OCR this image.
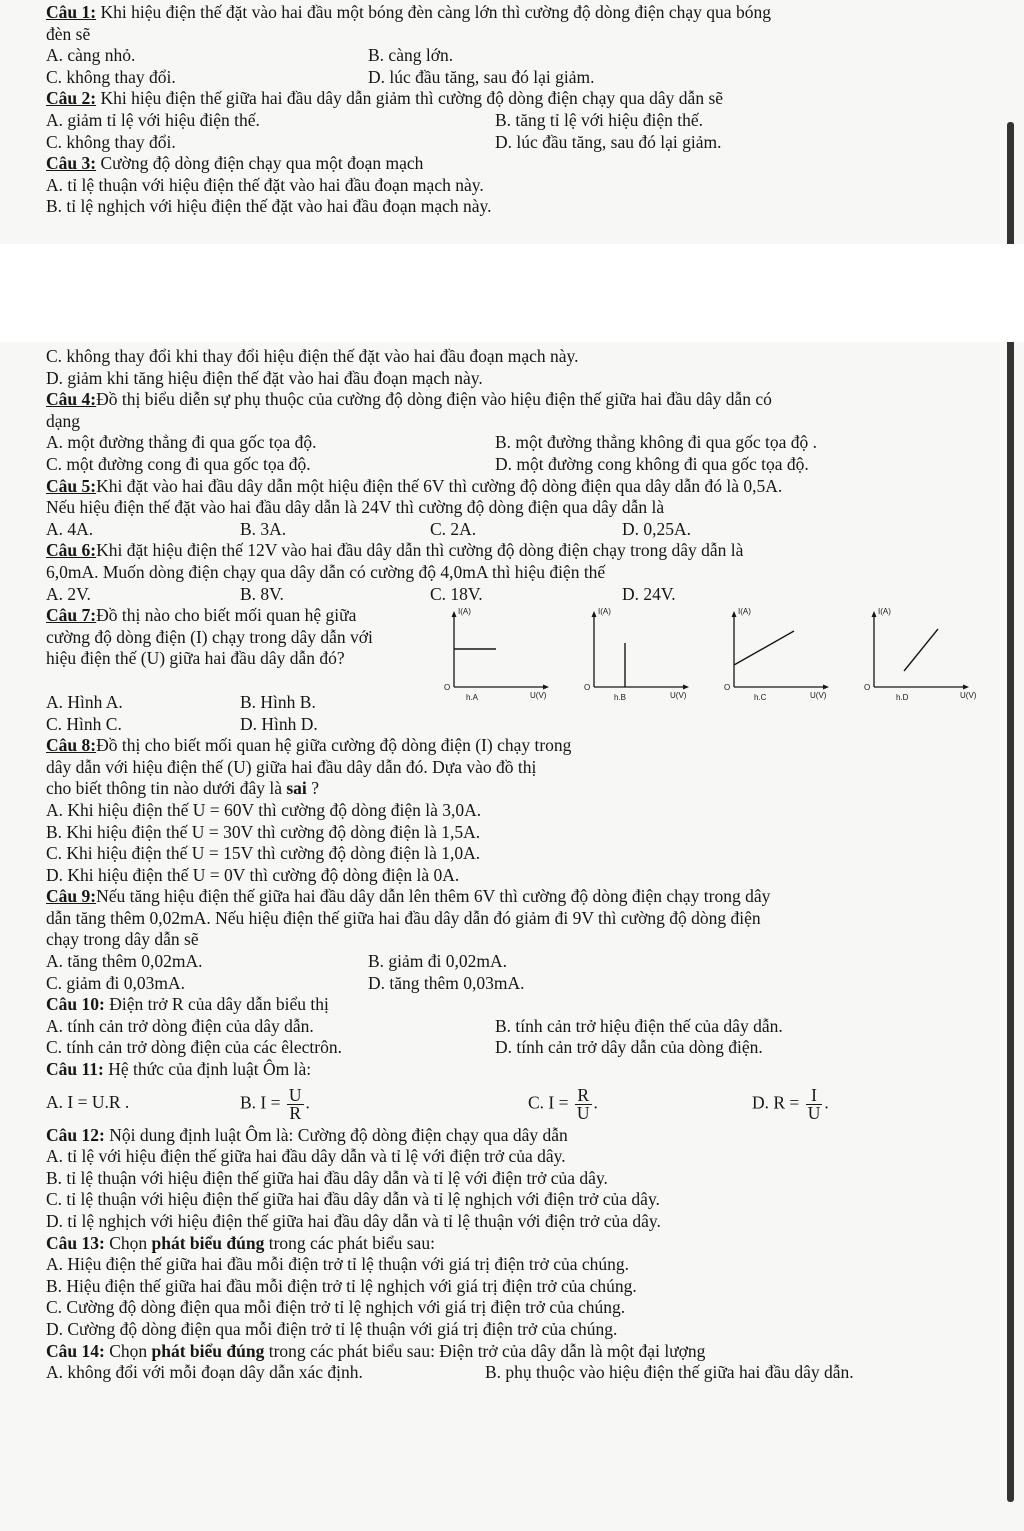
Câu 1: Khi hiệu điện thế đặt vào hai đầu một bóng đèn càng lớn thì cường độ dòng điện chạy qua bóng
đèn sẽ
A. càng nhỏ.	B. càng lớn.
C. không thay đổi.	D. lúc đầu tăng, sau đó lại giảm.
Câu 2: Khi hiệu điện thế giữa hai đầu dây dẫn giảm thì cường độ dòng điện chạy qua dây dẫn sẽ
A. giảm tỉ lệ với hiệu điện thế.	B. tăng tỉ lệ với hiệu điện thế.
C. không thay đổi.	D. lúc đầu tăng, sau đó lại giảm.
Câu 3: Cường độ dòng điện chạy qua một đoạn mạch
A. tỉ lệ thuận với hiệu điện thế đặt vào hai đầu đoạn mạch này.
B. tỉ lệ nghịch với hiệu điện thế đặt vào hai đầu đoạn mạch này.
C. không thay đổi khi thay đổi hiệu điện thế đặt vào hai đầu đoạn mạch này.
D. giảm khi tăng hiệu điện thế đặt vào hai đầu đoạn mạch này.
Câu 4:Đồ thị biểu diễn sự phụ thuộc của cường độ dòng điện vào hiệu điện thế giữa hai đầu dây dẫn có
dạng
A. một đường thẳng đi qua gốc tọa độ.	B. một đường thẳng không đi qua gốc tọa độ .
C. một đường cong đi qua gốc tọa độ.	D. một đường cong không đi qua gốc tọa độ.
Câu 5:Khi đặt vào hai đầu dây dẫn một hiệu điện thế 6V thì cường độ dòng điện qua dây dẫn đó là 0,5A.
Nếu hiệu điện thế đặt vào hai đầu dây dẫn là 24V thì cường độ dòng điện qua dây dẫn là
A. 4A.	B. 3A.	C. 2A.	D. 0,25A.
Câu 6:Khi đặt hiệu điện thế 12V vào hai đầu dây dẫn thì cường độ dòng điện chạy trong dây dẫn là
6,0mA. Muốn dòng điện chạy qua dây dẫn có cường độ 4,0mA thì hiệu điện thế
A. 2V.	B. 8V.	C. 18V.	D. 24V.
Câu 7:Đồ thị nào cho biết mối quan hệ giữa cường độ dòng điện (I) chạy trong dây dẫn với hiệu điện thế (U) giữa hai đầu dây dẫn đó?
A. Hình A.	B. Hình B.
C. Hình C.	D. Hình D.
I(A)
O
U(V)
h.A
I(A)
O
U(V)
h.B
I(A)
O
U(V)
h.C
I(A)
O
U(V)
h.D
Câu 8:Đồ thị cho biết mối quan hệ giữa cường độ dòng điện (I) chạy trong
dây dẫn với hiệu điện thế (U) giữa hai đầu dây dẫn đó. Dựa vào đồ thị
cho biết thông tin nào dưới đây là sai ?
A. Khi hiệu điện thế U = 60V thì cường độ dòng điện là 3,0A.
B. Khi hiệu điện thế U = 30V thì cường độ dòng điện là 1,5A.
C. Khi hiệu điện thế U = 15V thì cường độ dòng điện là 1,0A.
D. Khi hiệu điện thế U = 0V thì cường độ dòng điện là 0A.
Câu 9:Nếu tăng hiệu điện thế giữa hai đầu dây dẫn lên thêm 6V thì cường độ dòng điện chạy trong dây
dẫn tăng thêm 0,02mA. Nếu hiệu điện thế giữa hai đầu dây dẫn đó giảm đi 9V thì cường độ dòng điện
chạy trong dây dẫn sẽ
A. tăng thêm 0,02mA.	B. giảm đi 0,02mA.
C. giảm đi 0,03mA.	D. tăng thêm 0,03mA.
Câu 10: Điện trở R của dây dẫn biểu thị
A. tính cản trở dòng điện của dây dẫn.	B. tính cản trở hiệu điện thế của dây dẫn.
C. tính cản trở dòng điện của các êlectrôn.	D. tính cản trở dây dẫn của dòng điện.
Câu 11: Hệ thức của định luật Ôm là:
A. I = U.R .	B. $I = \frac{U}{R}$ .	C. $I = \frac{R}{U}$ .	D. $R = \frac{I}{U}$ .
Câu 12: Nội dung định luật Ôm là: Cường độ dòng điện chạy qua dây dẫn
A. tỉ lệ với hiệu điện thế giữa hai đầu dây dẫn và tỉ lệ với điện trở của dây.
B. tỉ lệ thuận với hiệu điện thế giữa hai đầu dây dẫn và tỉ lệ với điện trở của dây.
C. tỉ lệ thuận với hiệu điện thế giữa hai đầu dây dẫn và tỉ lệ nghịch với điện trở của dây.
D. tỉ lệ nghịch với hiệu điện thế giữa hai đầu dây dẫn và tỉ lệ thuận với điện trở của dây.
Câu 13: Chọn phát biểu đúng trong các phát biểu sau:
A. Hiệu điện thế giữa hai đầu mỗi điện trở tỉ lệ thuận với giá trị điện trở của chúng.
B. Hiệu điện thế giữa hai đầu mỗi điện trở tỉ lệ nghịch với giá trị điện trở của chúng.
C. Cường độ dòng điện qua mỗi điện trở tỉ lệ nghịch với giá trị điện trở của chúng.
D. Cường độ dòng điện qua mỗi điện trở tỉ lệ thuận với giá trị điện trở của chúng.
Câu 14: Chọn phát biểu đúng trong các phát biểu sau: Điện trở của dây dẫn là một đại lượng
A. không đổi với mỗi đoạn dây dẫn xác định.	B. phụ thuộc vào hiệu điện thế giữa hai đầu dây dẫn.
